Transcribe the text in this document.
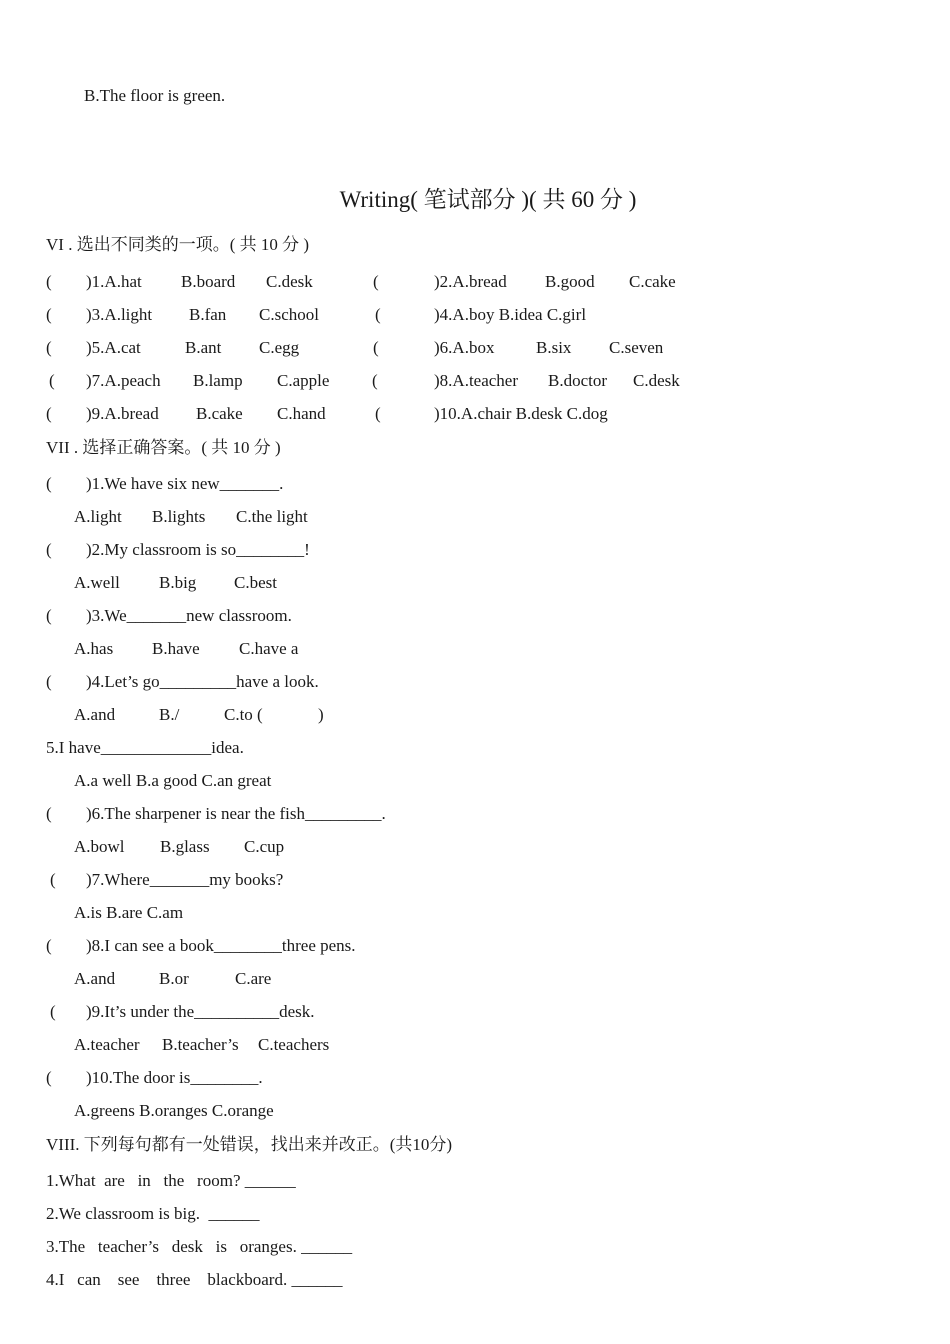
B.The floor is green.
Writing( 笔试部分 )( 共 60 分 )
VI . 选出不同类的一项。( 共 10 分 )
( )1.A.hat B.board C.desk	(	)2.A.bread B.good C.cake
( )3.A.light B.fan C.school	(	)4.A.boy B.idea C.girl
( )5.A.cat	B.ant C.egg	(	)6.A.box B.six C.seven
( )7.A.peach B.lamp C.apple	(	)8.A.teacher B.doctor C.desk
( )9.A.bread B.cake C.hand	(	)10.A.chair B.desk C.dog
VII . 选择正确答案。( 共 10 分 )
( )1.We have six new_______.
A.light B.lights C.the light
( )2.My classroom is so________!
A.well B.big C.best
( )3.We_______new classroom.
A.has B.have C.have a
( )4.Let’s go_________have a look.
A.and	B./	C.to (	)
5.I have_____________idea.
A.a well B.a good C.an great
( )6.The sharpener is near the fish_________.
A.bowl B.glass C.cup
( )7.Where_______my books?
A.is B.are C.am
( )8.I can see a book________three pens.
A.and	B.or	C.are
( )9.It’s under the__________desk.
A.teacher B.teacher’s C.teachers
( )10.The door is________.
A.greens B.oranges C.orange
VIII. 下列每句都有一处错误，找出来并改正。(共10分)
1.What  are   in   the   room? ______
2.We classroom is big.  ______
3.The   teacher’s   desk   is   oranges. ______
4.I   can    see    three    blackboard. ______
